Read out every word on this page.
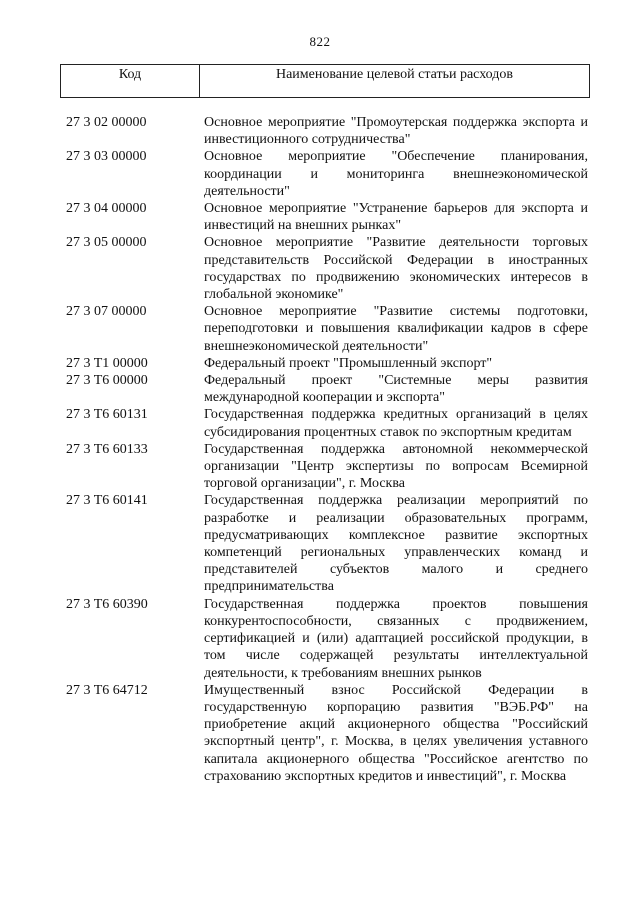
822
Код	Наименование целевой статьи расходов
27 3 02 00000	Основное мероприятие "Промоутерская поддержка экспорта и инвестиционного сотрудничества"
27 3 03 00000	Основное мероприятие "Обеспечение планирования, координации и мониторинга внешнеэкономической деятельности"
27 3 04 00000	Основное мероприятие "Устранение барьеров для экспорта и инвестиций на внешних рынках"
27 3 05 00000	Основное мероприятие "Развитие деятельности торговых представительств Российской Федерации в иностранных государствах по продвижению экономических интересов в глобальной экономике"
27 3 07 00000	Основное мероприятие "Развитие системы подготовки, переподготовки и повышения квалификации кадров в сфере внешнеэкономической деятельности"
27 3 T1 00000	Федеральный проект "Промышленный экспорт"
27 3 T6 00000	Федеральный проект "Системные меры развития международной кооперации и экспорта"
27 3 T6 60131	Государственная поддержка кредитных организаций в целях субсидирования процентных ставок по экспортным кредитам
27 3 T6 60133	Государственная поддержка автономной некоммерческой организации "Центр экспертизы по вопросам Всемирной торговой организации", г. Москва
27 3 T6 60141	Государственная поддержка реализации мероприятий по разработке и реализации образовательных программ, предусматривающих комплексное развитие экспортных компетенций региональных управленческих команд и представителей субъектов малого и среднего предпринимательства
27 3 T6 60390	Государственная поддержка проектов повышения конкурентоспособности, связанных с продвижением, сертификацией и (или) адаптацией российской продукции, в том числе содержащей результаты интеллектуальной деятельности, к требованиям внешних рынков
27 3 T6 64712	Имущественный взнос Российской Федерации в государственную корпорацию развития "ВЭБ.РФ" на приобретение акций акционерного общества "Российский экспортный центр", г. Москва, в целях увеличения уставного капитала акционерного общества "Российское агентство по страхованию экспортных кредитов и инвестиций", г. Москва
